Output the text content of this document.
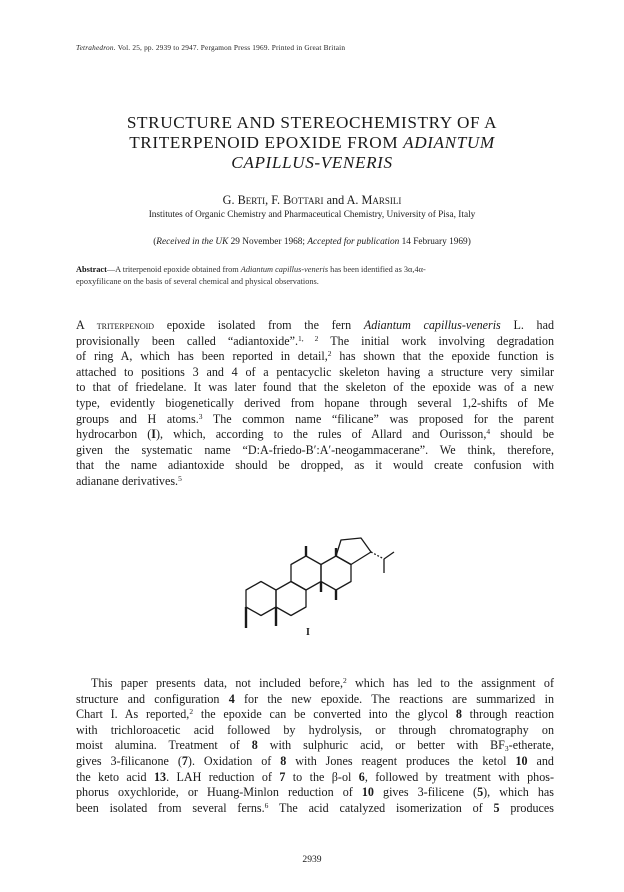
Tetrahedron. Vol. 25, pp. 2939 to 2947. Pergamon Press 1969. Printed in Great Britain
STRUCTURE AND STEREOCHEMISTRY OF A
TRITERPENOID EPOXIDE FROM ADIANTUM
CAPILLUS-VENERIS
G. Berti, F. Bottari and A. Marsili
Institutes of Organic Chemistry and Pharmaceutical Chemistry, University of Pisa, Italy
(Received in the UK 29 November 1968; Accepted for publication 14 February 1969)
Abstract—A triterpenoid epoxide obtained from Adiantum capillus-veneris has been identified as 3α,4α-
epoxyfilicane on the basis of several chemical and physical observations.
A triterpenoid epoxide isolated from the fern Adiantum capillus-veneris L. had
provisionally been called “adiantoxide”.$^{1, 2}$ The initial work involving degradation
of ring A, which has been reported in detail,$^2$ has shown that the epoxide function is
attached to positions 3 and 4 of a pentacyclic skeleton having a structure very similar
to that of friedelane. It was later found that the skeleton of the epoxide was of a new
type, evidently biogenetically derived from hopane through several 1,2-shifts of Me
groups and H atoms.$^3$ The common name “filicane” was proposed for the parent
hydrocarbon (I), which, according to the rules of Allard and Ourisson,$^4$ should be
given the systematic name “D:A-friedo-B′:A′-neogammacerane”. We think, therefore,
that the name adiantoxide should be dropped, as it would create confusion with
adianane derivatives.$^5$
I
This paper presents data, not included before,$^2$ which has led to the assignment of
structure and configuration 4 for the new epoxide. The reactions are summarized in
Chart I. As reported,$^2$ the epoxide can be converted into the glycol 8 through reaction
with trichloroacetic acid followed by hydrolysis, or through chromatography on
moist alumina. Treatment of 8 with sulphuric acid, or better with $BF_3$-etherate,
gives 3-filicanone (7). Oxidation of 8 with Jones reagent produces the ketol 10 and
the keto acid 13. LAH reduction of 7 to the β-ol 6, followed by treatment with phos-
phorus oxychloride, or Huang-Minlon reduction of 10 gives 3-filicene (5), which has
been isolated from several ferns.$^6$ The acid catalyzed isomerization of 5 produces
2939
